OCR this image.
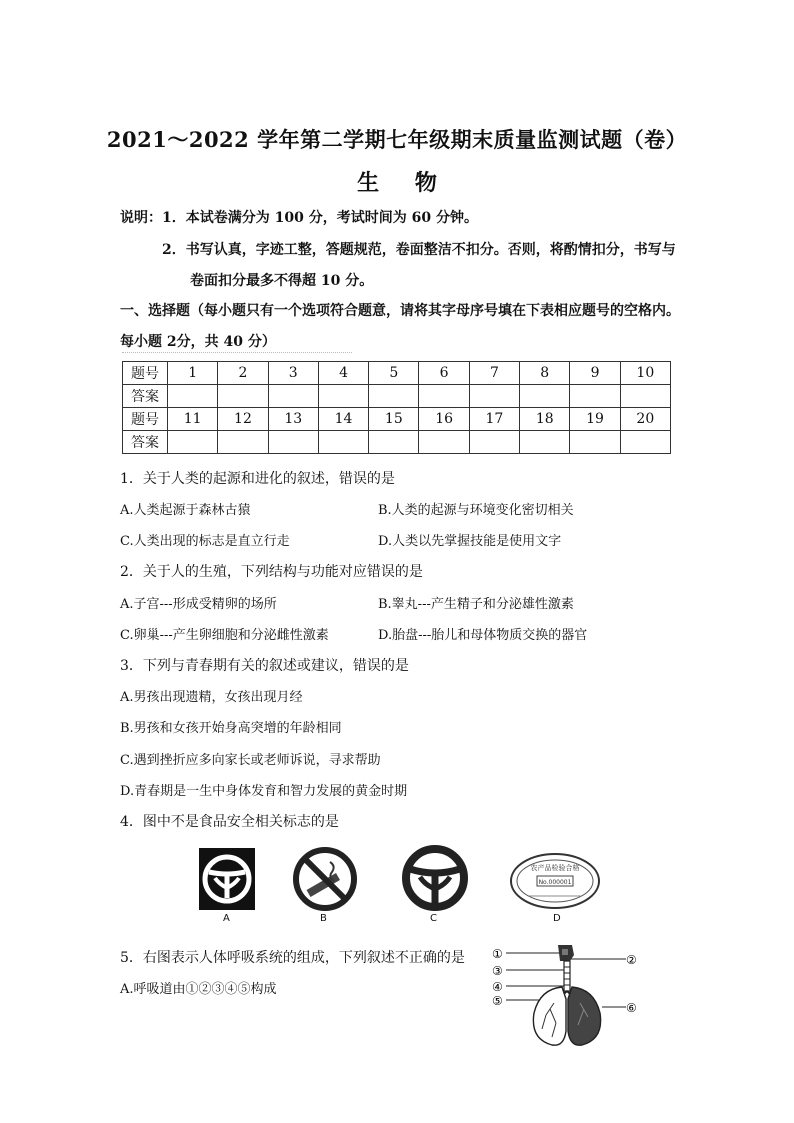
2021～2022 学年第二学期七年级期末质量监测试题（卷）
生 物
说明：1．本试卷满分为 100 分，考试时间为 60 分钟。
2．书写认真，字迹工整，答题规范，卷面整洁不扣分。否则，将酌情扣分，书写与
卷面扣分最多不得超 10 分。
一、选择题（每小题只有一个选项符合题意，请将其字母序号填在下表相应题号的空格内。
每小题 2分，共 40 分）
题号	1	2	3	4	5	6	7	8	9	10
答案										
题号	11	12	13	14	15	16	17	18	19	20
答案										
1．关于人类的起源和进化的叙述，错误的是
A.人类起源于森林古猿	B.人类的起源与环境变化密切相关
C.人类出现的标志是直立行走	D.人类以先掌握技能是使用文字
2．关于人的生殖，下列结构与功能对应错误的是
A.子宫---形成受精卵的场所	B.睾丸---产生精子和分泌雄性激素
C.卵巢---产生卵细胞和分泌雌性激素	D.胎盘---胎儿和母体物质交换的器官
3．下列与青春期有关的叙述或建议，错误的是
A.男孩出现遗精，女孩出现月经
B.男孩和女孩开始身高突增的年龄相同
C.遇到挫折应多向家长或老师诉说，寻求帮助
D.青春期是一生中身体发育和智力发展的黄金时期
4．图中不是食品安全相关标志的是
A	B	C
农产品检验合格
No.000001
D
5．右图表示人体呼吸系统的组成，下列叙述不正确的是
A.呼吸道由①②③④⑤构成
①	②
③
④
⑤	⑥
